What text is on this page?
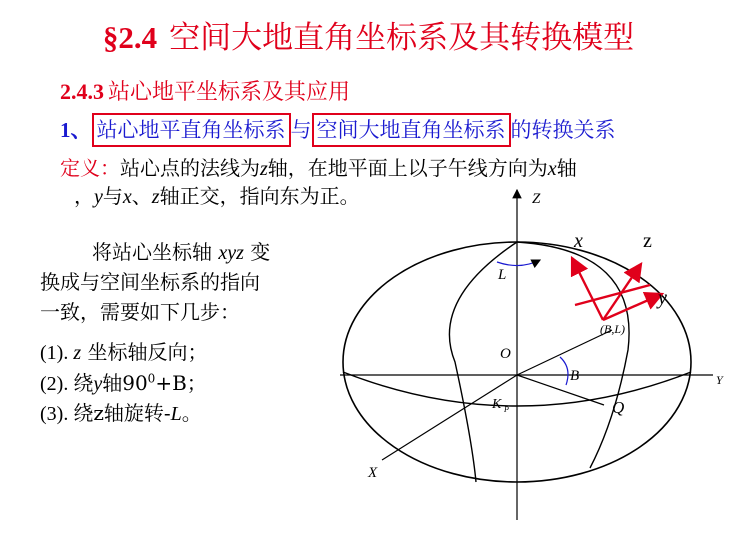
§2.4 空间大地直角坐标系及其转换模型
2.4.3 站心地平坐标系及其应用
1、 站心地平直角坐标系 与 空间大地直角坐标系 的转换关系
定义：站心点的法线为z轴，在地平面上以子午线方向为x轴
，y与x、z轴正交，指向东为正。
将站心坐标轴 xyz 变
换成与空间坐标系的指向
一致，需要如下几步：
(1). z 坐标轴反向；
(2). 绕y轴$90^0+B$；
(3). 绕z轴旋转-L。
Z
x	z
y
L
O
B	Y
K P	Q
X
(B,L)
